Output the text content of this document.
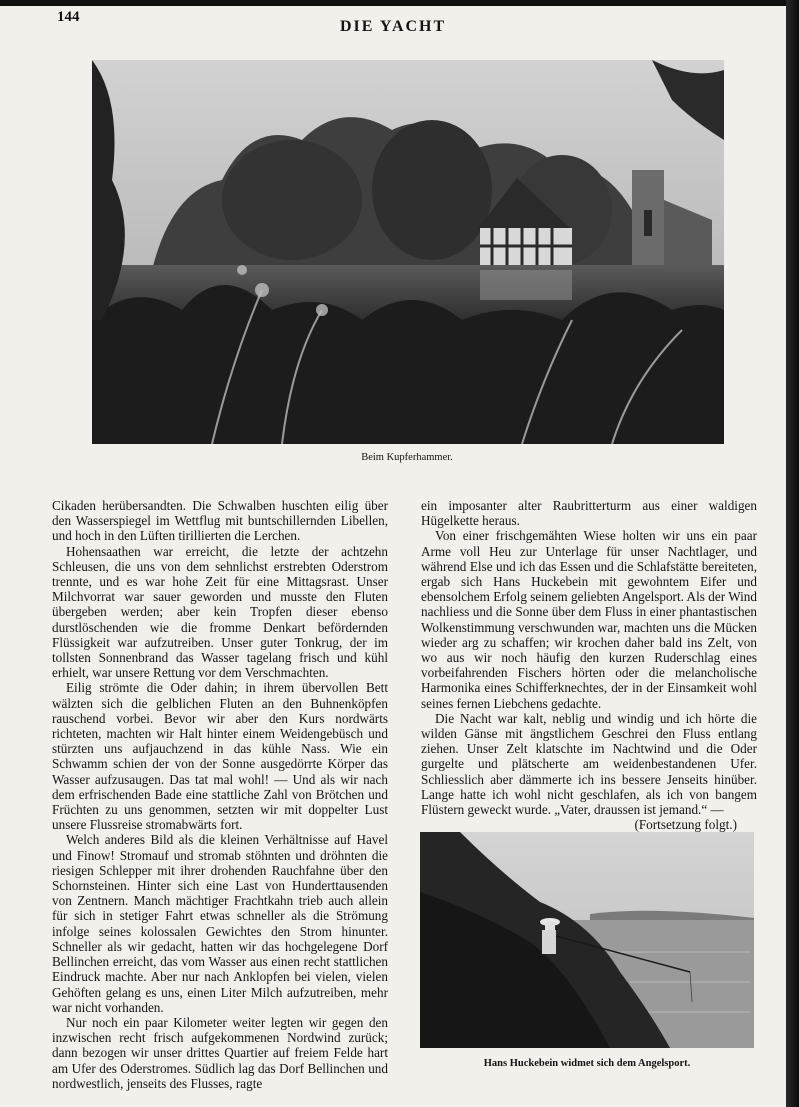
144
DIE YACHT
Beim Kupferhammer.

Cikaden herübersandten. Die Schwalben huschten eilig über den Wasserspiegel im Wettflug mit buntschillernden Libellen, und hoch in den Lüften tirillierten die Lerchen.

Hohensaathen war erreicht, die letzte der achtzehn Schleusen, die uns von dem sehnlichst erstrebten Oderstrom trennte, und es war hohe Zeit für eine Mittagsrast. Unser Milchvorrat war sauer geworden und musste den Fluten übergeben werden; aber kein Tropfen dieser ebenso durstlöschenden wie die fromme Denkart befördernden Flüssigkeit war aufzutreiben. Unser guter Tonkrug, der im tollsten Sonnenbrand das Wasser tagelang frisch und kühl erhielt, war unsere Rettung vor dem Verschmachten.

Eilig strömte die Oder dahin; in ihrem übervollen Bett wälzten sich die gelblichen Fluten an den Buhnenköpfen rauschend vorbei. Bevor wir aber den Kurs nordwärts richteten, machten wir Halt hinter einem Weidengebüsch und stürzten uns aufjauchzend in das kühle Nass. Wie ein Schwamm schien der von der Sonne ausgedörrte Körper das Wasser aufzusaugen. Das tat mal wohl! — Und als wir nach dem erfrischenden Bade eine stattliche Zahl von Brötchen und Früchten zu uns genommen, setzten wir mit doppelter Lust unsere Flussreise stromabwärts fort.

Welch anderes Bild als die kleinen Verhältnisse auf Havel und Finow! Stromauf und stromab stöhnten und dröhnten die riesigen Schlepper mit ihrer drohenden Rauchfahne über den Schornsteinen. Hinter sich eine Last von Hunderttausenden von Zentnern. Manch mächtiger Frachtkahn trieb auch allein für sich in stetiger Fahrt etwas schneller als die Strömung infolge seines kolossalen Gewichtes den Strom hinunter. Schneller als wir gedacht, hatten wir das hochgelegene Dorf Bellinchen erreicht, das vom Wasser aus einen recht stattlichen Eindruck machte. Aber nur nach Anklopfen bei vielen, vielen Gehöften gelang es uns, einen Liter Milch aufzutreiben, mehr war nicht vorhanden.

Nur noch ein paar Kilometer weiter legten wir gegen den inzwischen recht frisch aufgekommenen Nordwind zurück; dann bezogen wir unser drittes Quartier auf freiem Felde hart am Ufer des Oderstromes. Südlich lag das Dorf Bellinchen und nordwestlich, jenseits des Flusses, ragte

ein imposanter alter Raubritterturm aus einer waldigen Hügelkette heraus.

Von einer frischgemähten Wiese holten wir uns ein paar Arme voll Heu zur Unterlage für unser Nachtlager, und während Else und ich das Essen und die Schlafstätte bereiteten, ergab sich Hans Huckebein mit gewohntem Eifer und ebensolchem Erfolg seinem geliebten Angelsport. Als der Wind nachliess und die Sonne über dem Fluss in einer phantastischen Wolkenstimmung verschwunden war, machten uns die Mücken wieder arg zu schaffen; wir krochen daher bald ins Zelt, von wo aus wir noch häufig den kurzen Ruderschlag eines vorbeifahrenden Fischers hörten oder die melancholische Harmonika eines Schifferknechtes, der in der Einsamkeit wohl seines fernen Liebchens gedachte.

Die Nacht war kalt, neblig und windig und ich hörte die wilden Gänse mit ängstlichem Geschrei den Fluss entlang ziehen. Unser Zelt klatschte im Nachtwind und die Oder gurgelte und plätscherte am weidenbestandenen Ufer. Schliesslich aber dämmerte ich ins bessere Jenseits hinüber. Lange hatte ich wohl nicht geschlafen, als ich von bangem Flüstern geweckt wurde. „Vater, draussen ist jemand.“ —

(Fortsetzung folgt.)

Hans Huckebein widmet sich dem Angelsport.
